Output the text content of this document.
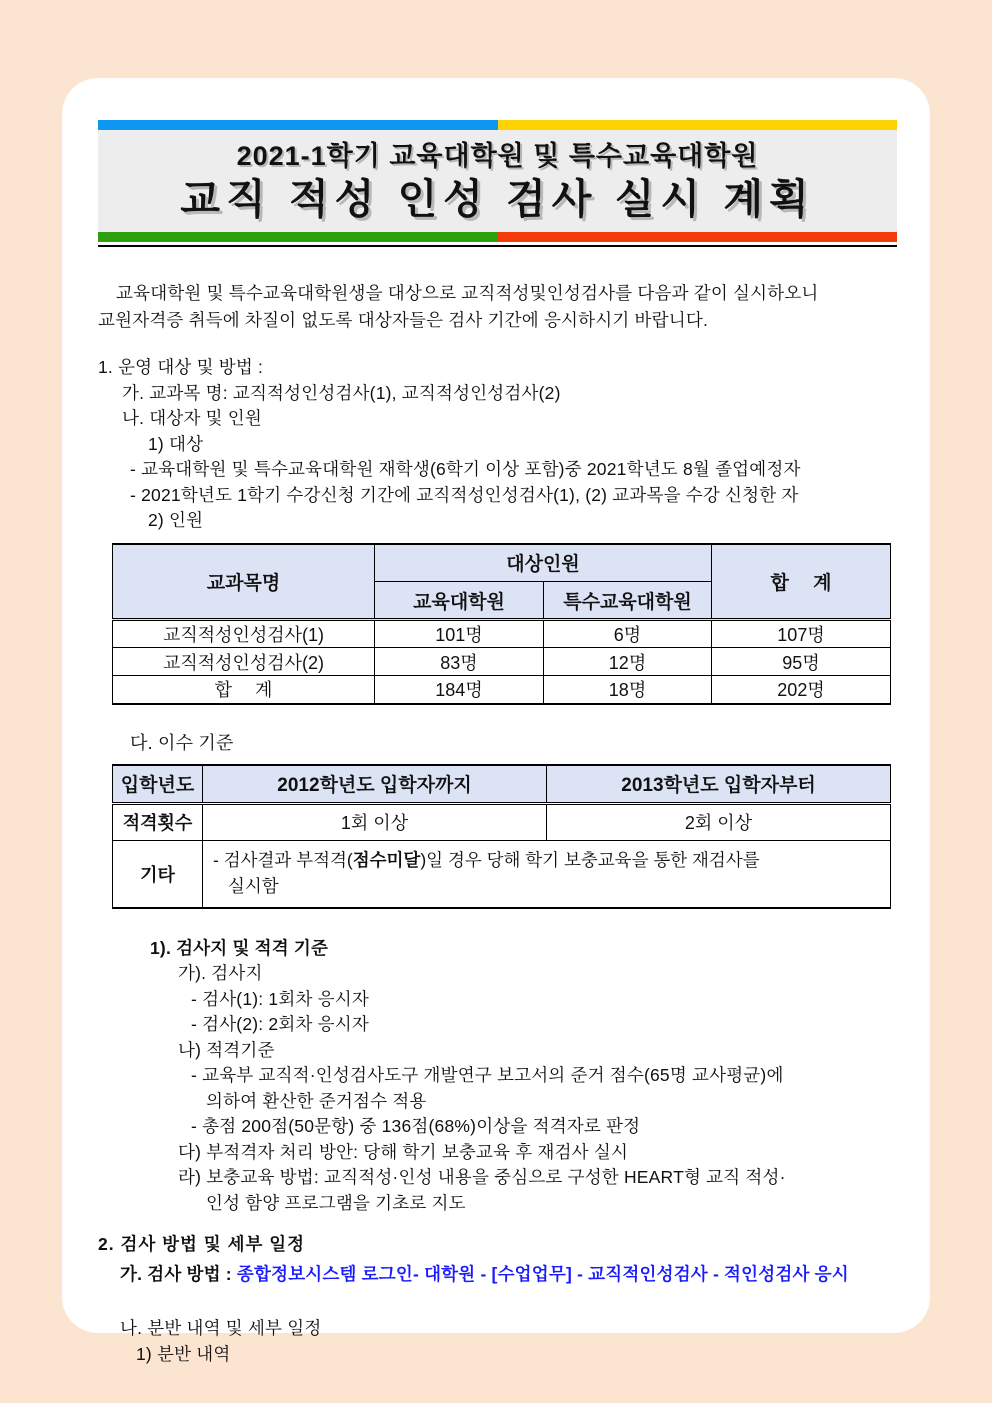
2021-1학기 교육대학원 및 특수교육대학원
교직 적성 인성 검사 실시 계획

교육대학원 및 특수교육대학원생을 대상으로 교직적성및인성검사를 다음과 같이 실시하오니 교원자격증 취득에 차질이 없도록 대상자들은 검사 기간에 응시하시기 바랍니다.

1. 운영 대상 및 방법 :
가. 교과목 명: 교직적성인성검사(1), 교직적성인성검사(2)
나. 대상자 및 인원
1) 대상
- 교육대학원 및 특수교육대학원 재학생(6학기 이상 포함)중 2021학년도 8월 졸업예정자
- 2021학년도 1학기 수강신청 기간에 교직적성인성검사(1), (2) 교과목을 수강 신청한 자
2) 인원
교과목명	대상인원		합　 계
	교육대학원	특수교육대학원	
교직적성인성검사(1)	101명	6명	107명
교직적성인성검사(2)	83명	12명	95명
합　 계	184명	18명	202명
다. 이수 기준
입학년도	2012학년도 입학자까지	2013학년도 입학자부터
적격횟수	1회 이상	2회 이상
기타	- 검사결과 부적격(점수미달)일 경우 당해 학기 보충교육을 통한 재검사를
실시함	
1). 검사지 및 적격 기준
가). 검사지
- 검사(1): 1회차 응시자
- 검사(2): 2회차 응시자
나) 적격기준
- 교육부 교직적·인성검사도구 개발연구 보고서의 준거 점수(65명 교사평균)에
의하여 환산한 준거점수 적용
- 총점 200점(50문항) 중 136점(68%)이상을 적격자로 판정
다) 부적격자 처리 방안: 당해 학기 보충교육 후 재검사 실시
라) 보충교육 방법: 교직적성·인성 내용을 중심으로 구성한 HEART형 교직 적성·
인성 함양 프로그램을 기초로 지도
2. 검사 방법 및 세부 일정
가. 검사 방법 : 종합정보시스템 로그인- 대학원 - [수업업무] - 교직적인성검사 - 적인성검사 응시
나. 분반 내역 및 세부 일정
1) 분반 내역
